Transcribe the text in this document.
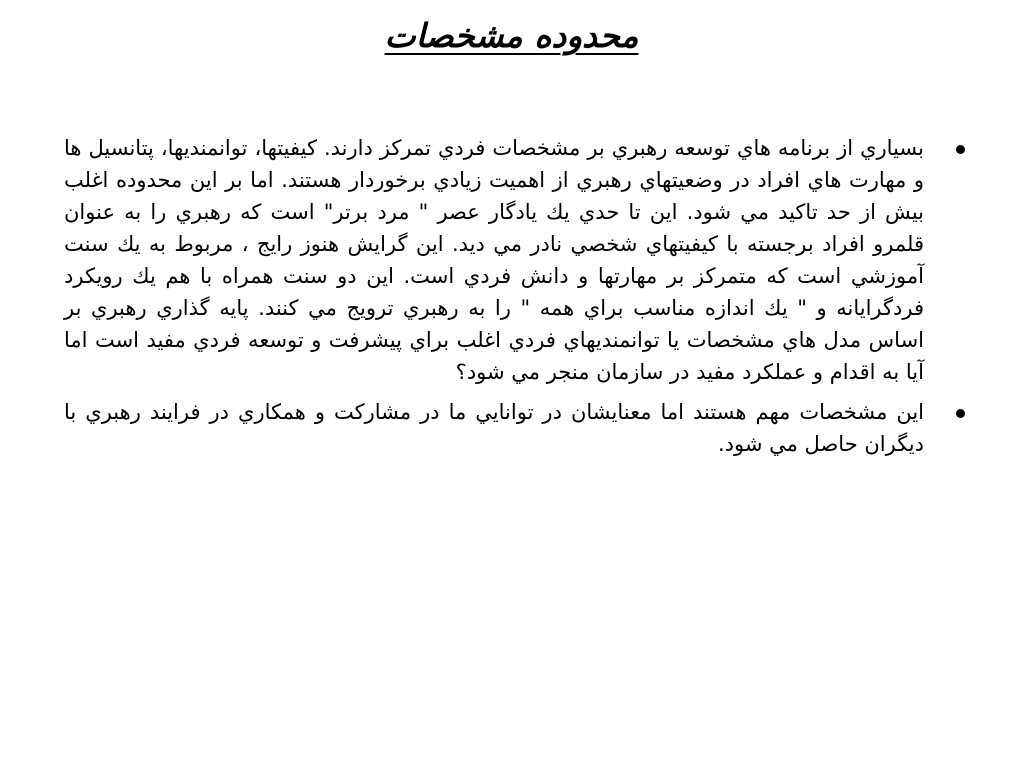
محدوده مشخصات
بسياري از برنامه هاي توسعه رهبري بر مشخصات فردي تمركز دارند. كيفيتها، توانمنديها، پتانسيل ها و مهارت هاي افراد در وضعيتهاي رهبري از اهميت زيادي برخوردار هستند. اما بر اين محدوده اغلب بيش از حد تاكيد مي شود. اين تا حدي يك يادگار عصر " مرد برتر" است كه رهبري را به عنوان قلمرو افراد برجسته با كيفيتهاي شخصي نادر مي ديد. اين گرايش هنوز رايج ، مربوط به يك سنت آموزشي است كه متمركز بر مهارتها و دانش فردي است. اين دو سنت همراه با هم يك رويكرد فردگرايانه و " يك اندازه مناسب براي همه " را به رهبري ترويج مي كنند. پايه گذاري رهبري بر اساس مدل هاي مشخصات يا توانمنديهاي فردي اغلب براي پيشرفت و توسعه فردي مفيد است اما آيا به اقدام و عملكرد مفيد در سازمان منجر مي شود؟
اين مشخصات مهم هستند اما معنايشان در توانايي ما در مشاركت و همكاري در فرايند رهبري با ديگران حاصل مي شود.
